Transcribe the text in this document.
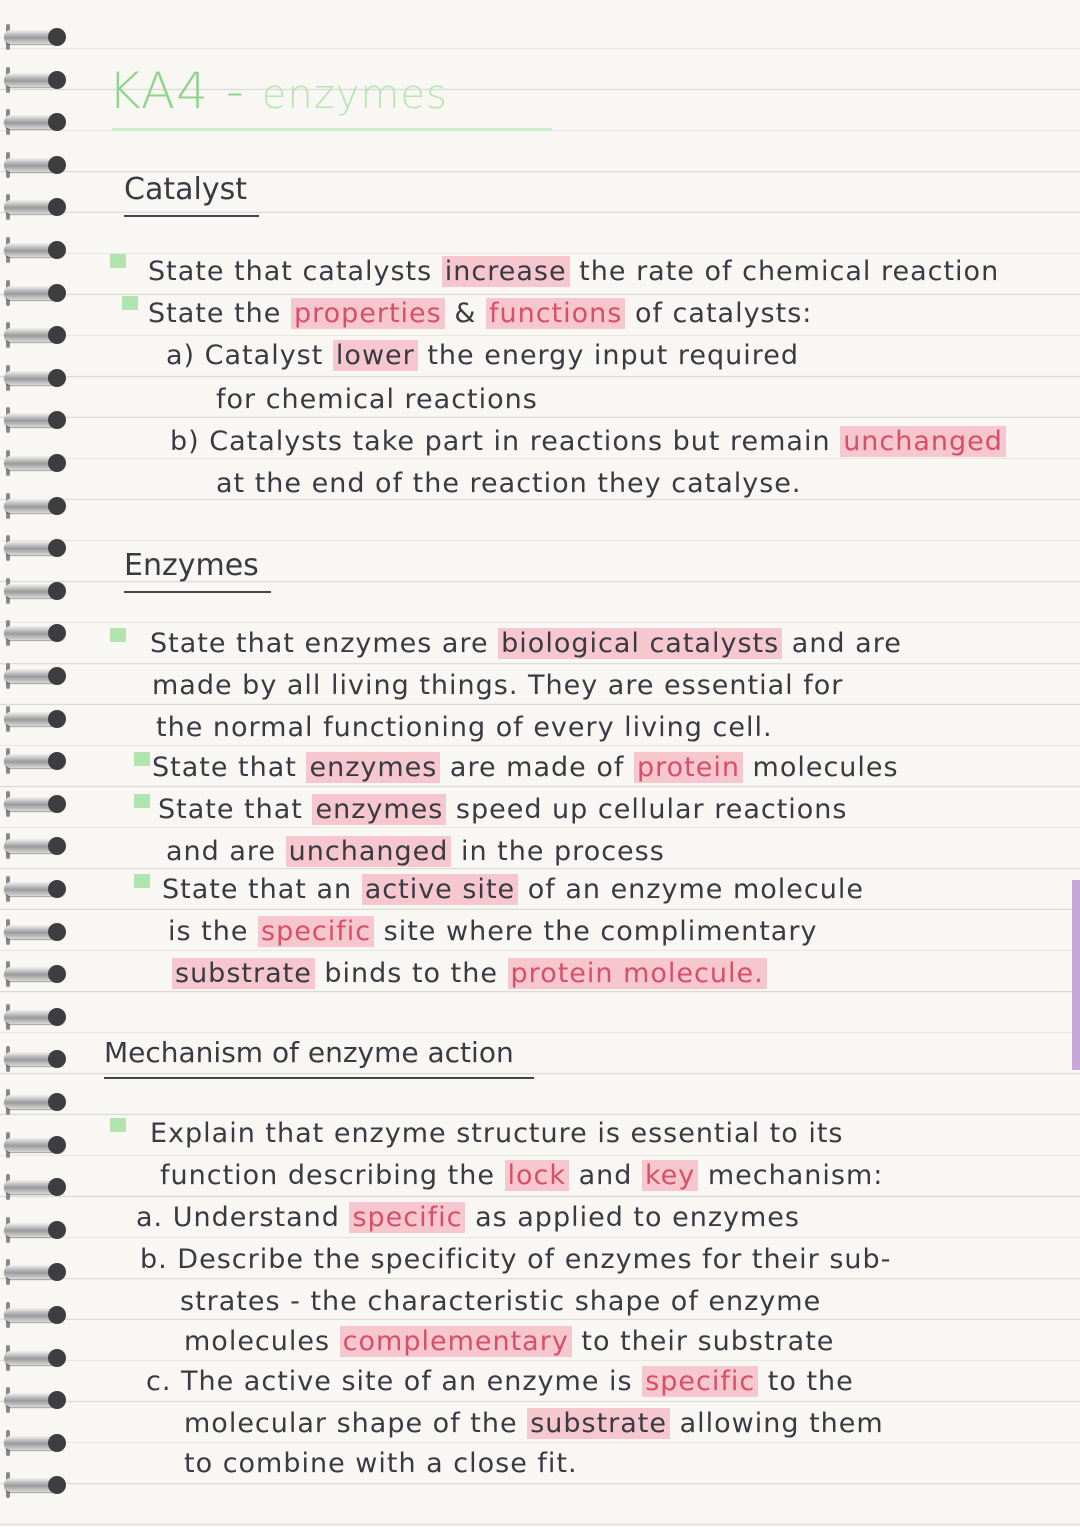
KA4 - enzymes
Catalyst
State that catalysts increase the rate of chemical reaction
State the properties & functions of catalysts:
a) Catalyst lower the energy input required
for chemical reactions
b) Catalysts take part in reactions but remain unchanged
at the end of the reaction they catalyse.
Enzymes
State that enzymes are biological catalysts and are
made by all living things. They are essential for
the normal functioning of every living cell.
State that enzymes are made of protein molecules
State that enzymes speed up cellular reactions
and are unchanged in the process
State that an active site of an enzyme molecule
is the specific site where the complimentary
substrate binds to the protein molecule.
Mechanism of enzyme action
Explain that enzyme structure is essential to its
function describing the lock and key mechanism:
a. Understand specific as applied to enzymes
b. Describe the specificity of enzymes for their sub-
strates - the characteristic shape of enzyme
molecules complementary to their substrate
c. The active site of an enzyme is specific to the
molecular shape of the substrate allowing them
to combine with a close fit.
